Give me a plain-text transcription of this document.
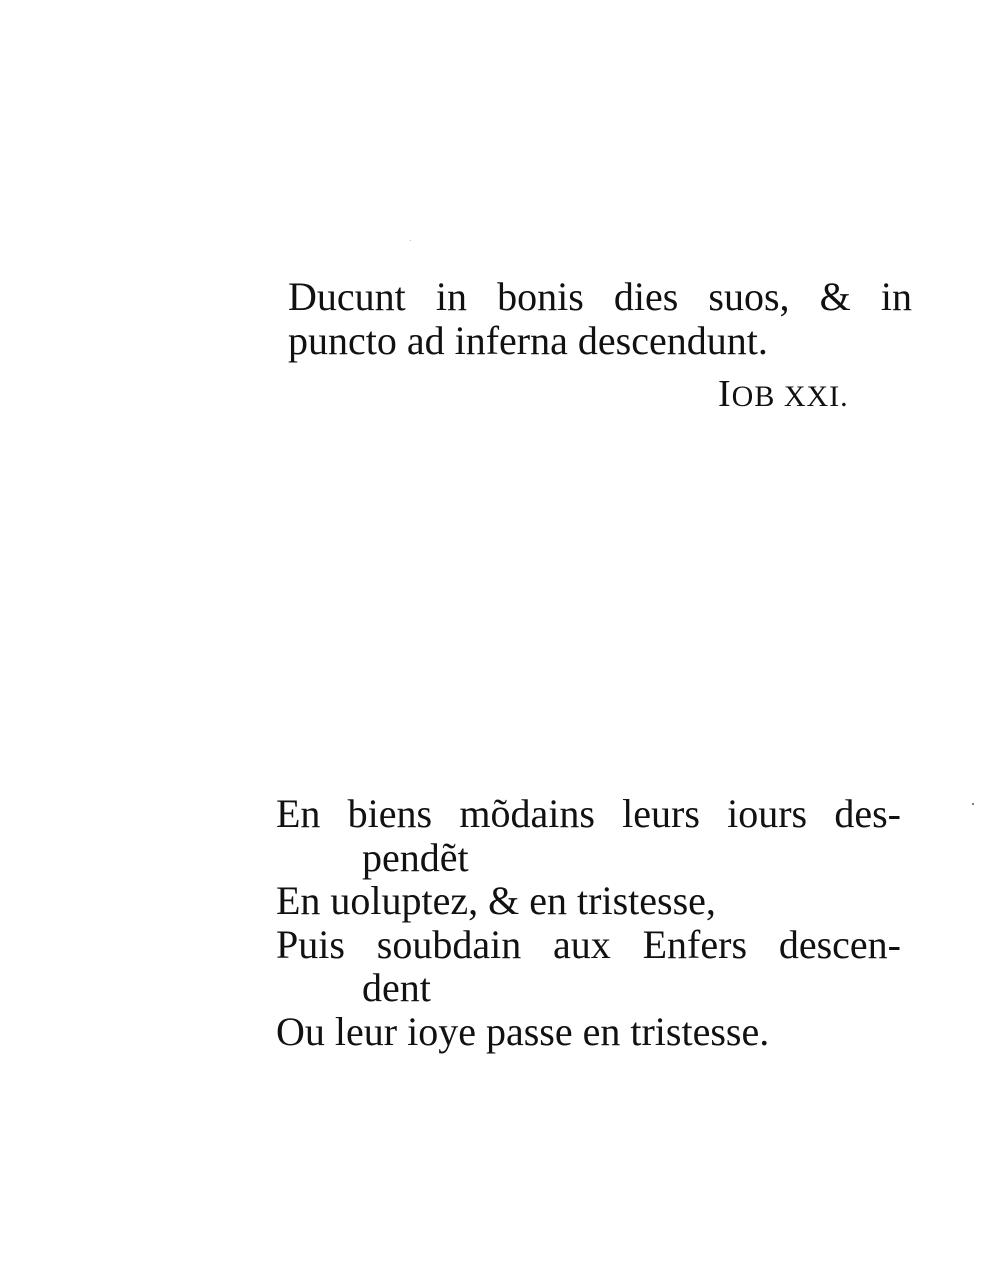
Ducunt in bonis dies suos, & in
puncto ad inferna descendunt.
IOB XXI.
En biens mõdains leurs iours des-
pendẽt
En uoluptez, & en tristesse,
Puis soubdain aux Enfers descen-
dent
Ou leur ioye passe en tristesse.
